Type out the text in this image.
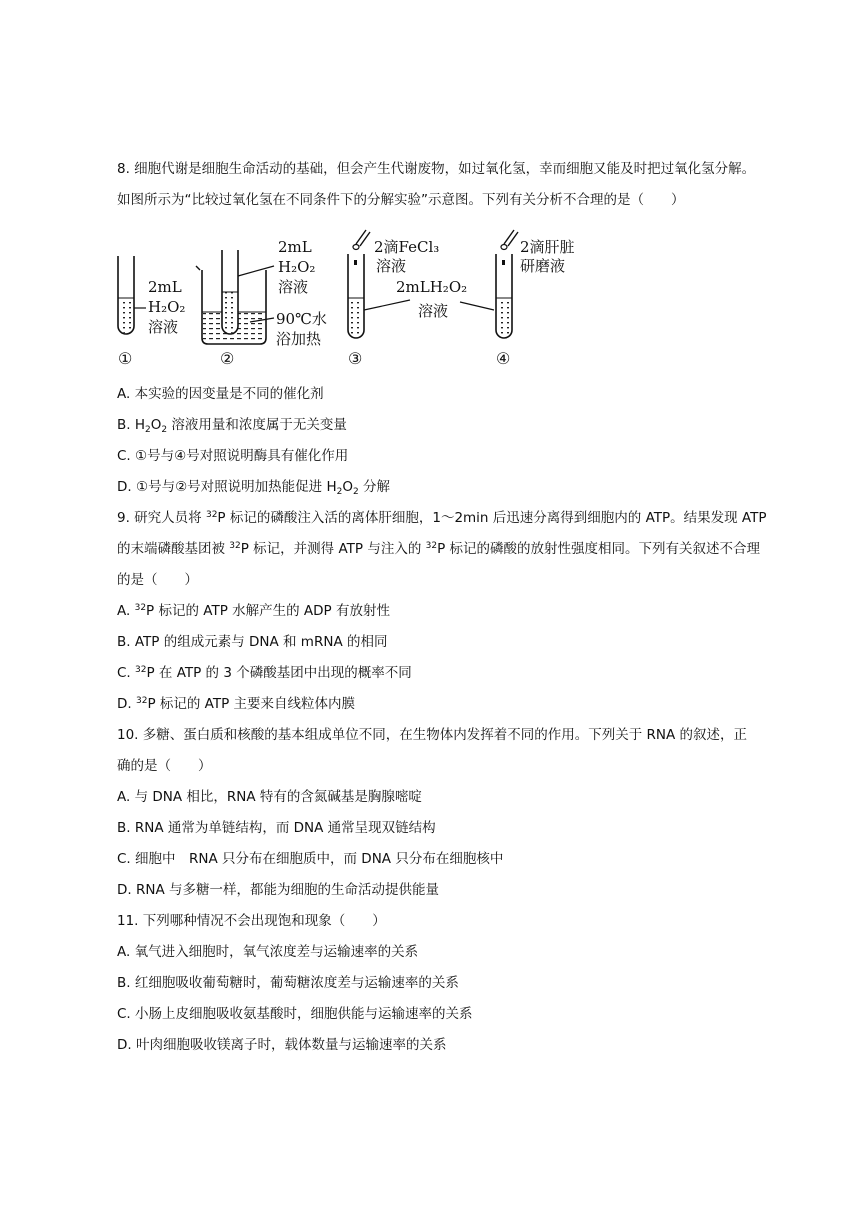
8. 细胞代谢是细胞生命活动的基础，但会产生代谢废物，如过氧化氢，幸而细胞又能及时把过氧化氢分解。
如图所示为“比较过氧化氢在不同条件下的分解实验”示意图。下列有关分析不合理的是（　　）
2mL
H₂O₂
溶液
①
2mL
H₂O₂
溶液
90℃水
浴加热
②
2滴FeCl₃
溶液
③
2mLH₂O₂
溶液
2滴肝脏
研磨液
④
A. 本实验的因变量是不同的催化剂
B. $H_2O_2$ 溶液用量和浓度属于无关变量
C. ①号与④号对照说明酶具有催化作用
D. ①号与②号对照说明加热能促进 $H_2O_2$ 分解
9. 研究人员将 $^{32}$P 标记的磷酸注入活的离体肝细胞，1～2min 后迅速分离得到细胞内的 ATP。结果发现 ATP
的末端磷酸基团被 $^{32}$P 标记，并测得 ATP 与注入的 $^{32}$P 标记的磷酸的放射性强度相同。下列有关叙述不合理
的是（　　）
A. $^{32}$P 标记的 ATP 水解产生的 ADP 有放射性
B. ATP 的组成元素与 DNA 和 mRNA 的相同
C. $^{32}$P 在 ATP 的 3 个磷酸基团中出现的概率不同
D. $^{32}$P 标记的 ATP 主要来自线粒体内膜
10. 多糖、蛋白质和核酸的基本组成单位不同，在生物体内发挥着不同的作用。下列关于 RNA 的叙述，正
确的是（　　）
A. 与 DNA 相比，RNA 特有的含氮碱基是胸腺嘧啶
B. RNA 通常为单链结构，而 DNA 通常呈现双链结构
C. 细胞中　RNA 只分布在细胞质中，而 DNA 只分布在细胞核中
D. RNA 与多糖一样，都能为细胞的生命活动提供能量
11. 下列哪种情况不会出现饱和现象（　　）
A. 氧气进入细胞时，氧气浓度差与运输速率的关系
B. 红细胞吸收葡萄糖时，葡萄糖浓度差与运输速率的关系
C. 小肠上皮细胞吸收氨基酸时，细胞供能与运输速率的关系
D. 叶肉细胞吸收镁离子时，载体数量与运输速率的关系
